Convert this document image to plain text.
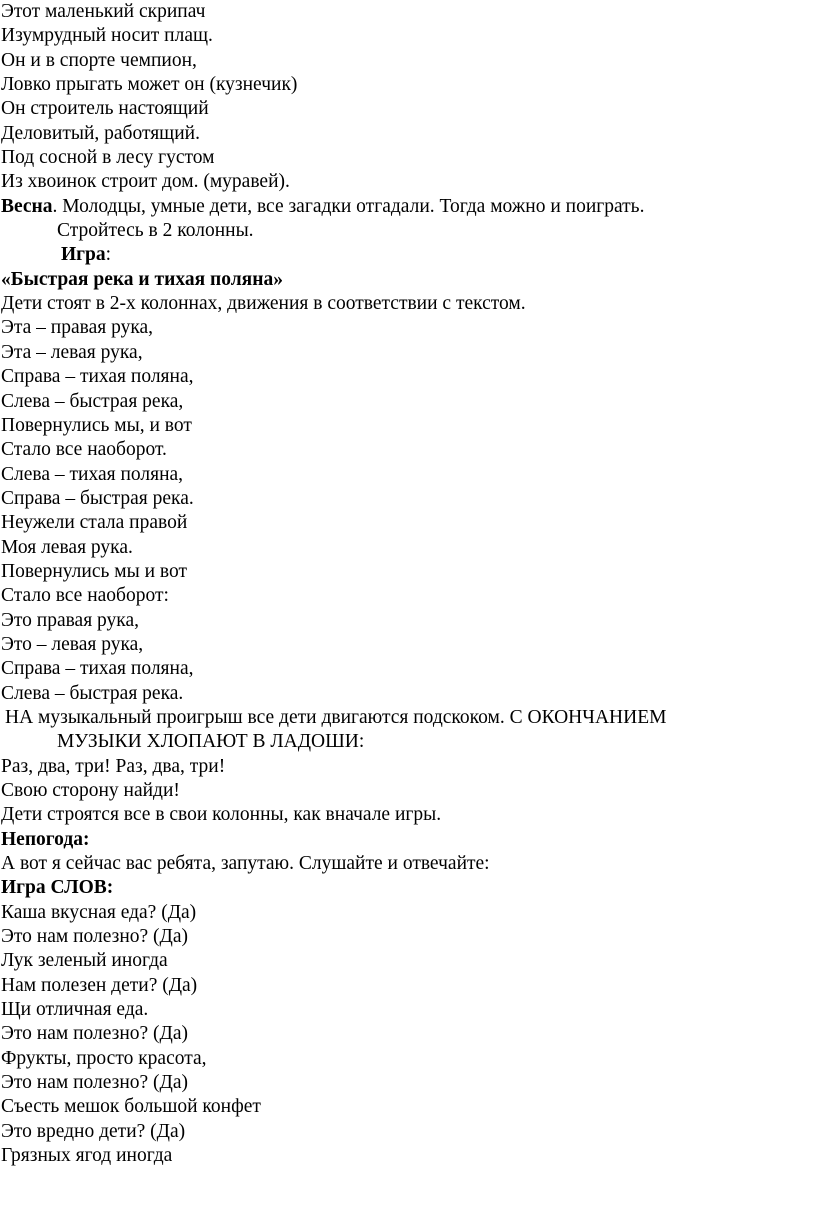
Этот маленький скрипач
Изумрудный носит плащ.
Он и в спорте чемпион,
Ловко прыгать может он (кузнечик)
Он строитель настоящий
Деловитый, работящий.
Под сосной в лесу густом
Из хвоинок строит дом. (муравей).
Весна. Молодцы, умные дети, все загадки отгадали. Тогда можно и поиграть.
Стройтесь в 2 колонны.
Игра:
«Быстрая река и тихая поляна»
Дети стоят в 2-х колоннах, движения в соответствии с текстом.
Эта – правая рука,
Эта – левая рука,
Справа – тихая поляна,
Слева – быстрая река,
Повернулись мы, и вот
Стало все наоборот.
Слева – тихая поляна,
Справа – быстрая река.
Неужели стала правой
Моя левая рука.
Повернулись мы и вот
Стало все наоборот:
Это правая рука,
Это – левая рука,
Справа – тихая поляна,
Слева – быстрая река.
НА музыкальный проигрыш все дети двигаются подскоком. С ОКОНЧАНИЕМ
МУЗЫКИ ХЛОПАЮТ В ЛАДОШИ:
Раз, два, три! Раз, два, три!
Свою сторону найди!
Дети строятся все в свои колонны, как вначале игры.
Непогода:
А вот я сейчас вас ребята, запутаю. Слушайте и отвечайте:
Игра СЛОВ:
Каша вкусная еда? (Да)
Это нам полезно? (Да)
Лук зеленый иногда
Нам полезен дети? (Да)
Щи отличная еда.
Это нам полезно? (Да)
Фрукты, просто красота,
Это нам полезно? (Да)
Съесть мешок большой конфет
Это вредно дети? (Да)
Грязных ягод иногда
